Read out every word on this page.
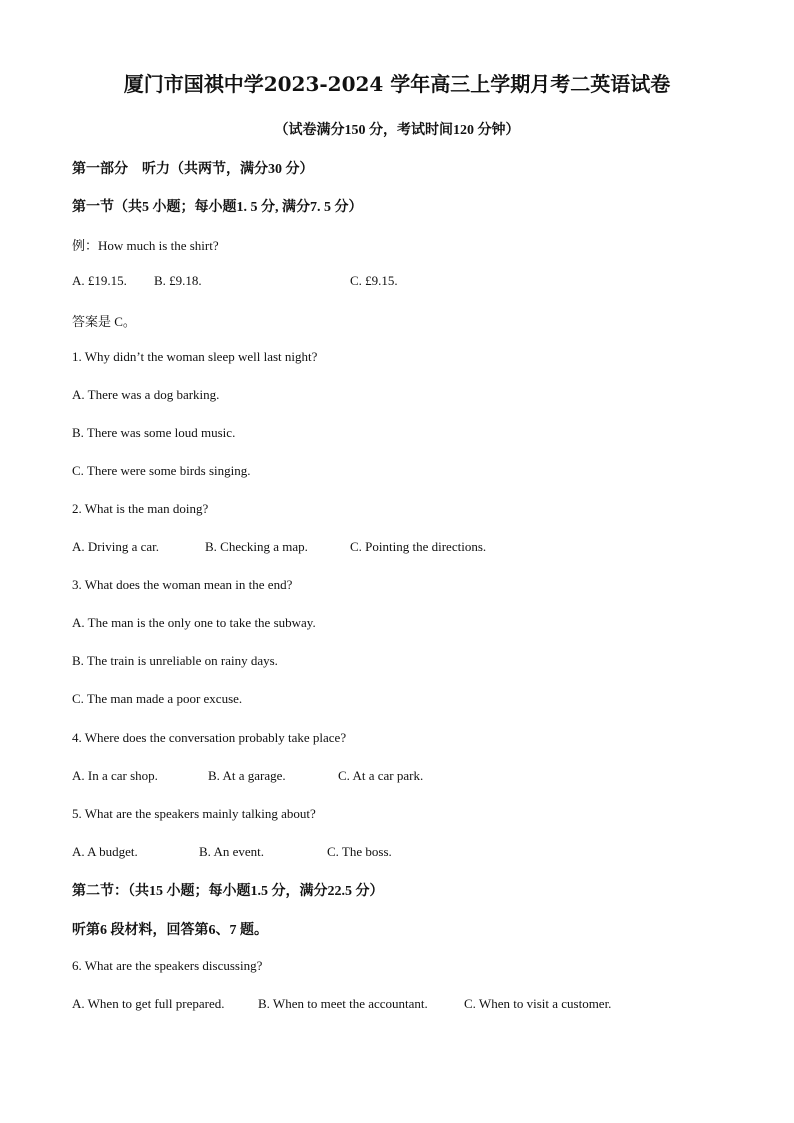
厦门市国祺中学2023-2024 学年高三上学期月考二英语试卷
（试卷满分150 分，考试时间120 分钟）
第一部分　听力（共两节，满分30 分）
第一节（共5 小题；每小题1. 5 分, 满分7. 5 分）
例：How much is the shirt?
A. £19.15. B. £9.18.	C. £9.15.
答案是 C。
1. Why didn’t the woman sleep well last night?
A. There was a dog barking.
B. There was some loud music.
C. There were some birds singing.
2. What is the man doing?
A. Driving a car.	B. Checking a map.	C. Pointing the directions.
3. What does the woman mean in the end?
A. The man is the only one to take the subway.
B. The train is unreliable on rainy days.
C. The man made a poor excuse.
4. Where does the conversation probably take place?
A. In a car shop.	B. At a garage.	C. At a car park.
5. What are the speakers mainly talking about?
A. A budget.	B. An event.	C. The boss.
第二节：（共15 小题；每小题1.5 分，满分22.5 分）
听第6 段材料，回答第6、7 题。
6. What are the speakers discussing?
A. When to get full prepared.	B. When to meet the accountant.	C. When to visit a customer.
